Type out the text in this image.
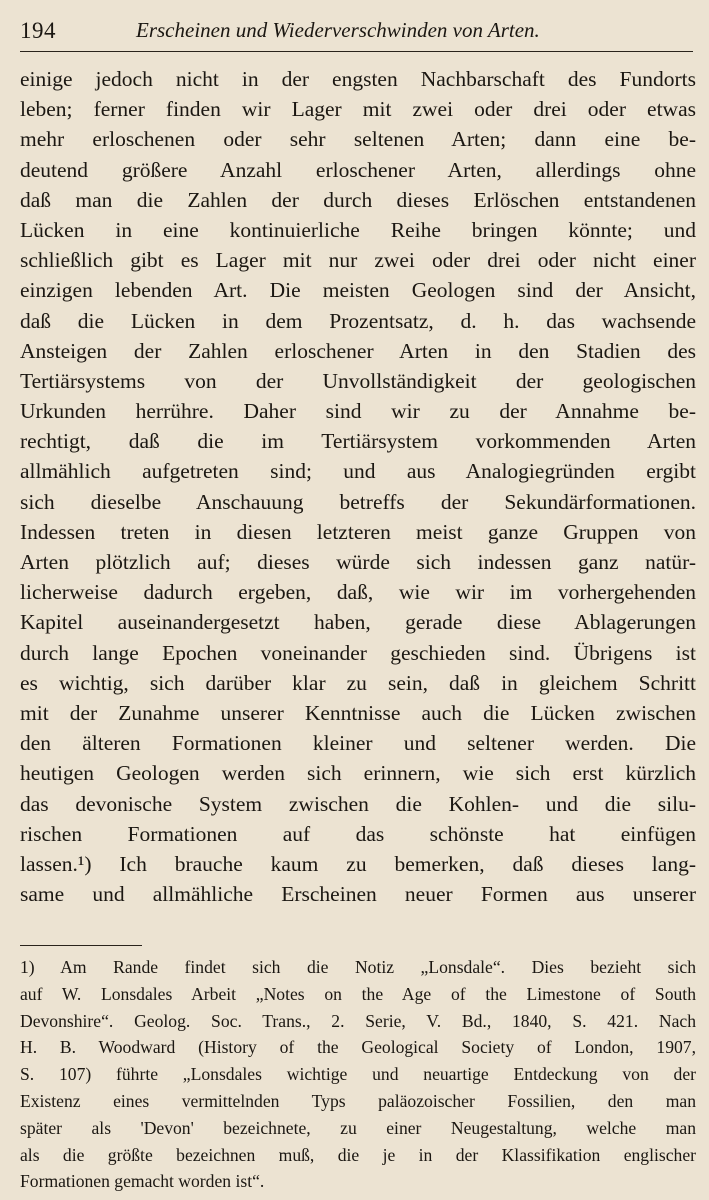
194	Erscheinen und Wiederverschwinden von Arten.
einige jedoch nicht in der engsten Nachbarschaft des Fundorts
leben; ferner finden wir Lager mit zwei oder drei oder etwas
mehr erloschenen oder sehr seltenen Arten; dann eine be-
deutend größere Anzahl erloschener Arten, allerdings ohne
daß man die Zahlen der durch dieses Erlöschen entstandenen
Lücken in eine kontinuierliche Reihe bringen könnte; und
schließlich gibt es Lager mit nur zwei oder drei oder nicht einer
einzigen lebenden Art. Die meisten Geologen sind der Ansicht,
daß die Lücken in dem Prozentsatz, d. h. das wachsende
Ansteigen der Zahlen erloschener Arten in den Stadien des
Tertiärsystems von der Unvollständigkeit der geologischen
Urkunden herrühre. Daher sind wir zu der Annahme be-
rechtigt, daß die im Tertiärsystem vorkommenden Arten
allmählich aufgetreten sind; und aus Analogiegründen ergibt
sich dieselbe Anschauung betreffs der Sekundärformationen.
Indessen treten in diesen letzteren meist ganze Gruppen von
Arten plötzlich auf; dieses würde sich indessen ganz natür-
licherweise dadurch ergeben, daß, wie wir im vorhergehenden
Kapitel auseinandergesetzt haben, gerade diese Ablagerungen
durch lange Epochen voneinander geschieden sind. Übrigens ist
es wichtig, sich darüber klar zu sein, daß in gleichem Schritt
mit der Zunahme unserer Kenntnisse auch die Lücken zwischen
den älteren Formationen kleiner und seltener werden. Die
heutigen Geologen werden sich erinnern, wie sich erst kürzlich
das devonische System zwischen die Kohlen- und die silu-
rischen Formationen auf das schönste hat einfügen
lassen.¹) Ich brauche kaum zu bemerken, daß dieses lang-
same und allmähliche Erscheinen neuer Formen aus unserer
1) Am Rande findet sich die Notiz „Lonsdale“. Dies bezieht sich
auf W. Lonsdales Arbeit „Notes on the Age of the Limestone of South
Devonshire“. Geolog. Soc. Trans., 2. Serie, V. Bd., 1840, S. 421. Nach
H. B. Woodward (History of the Geological Society of London, 1907,
S. 107) führte „Lonsdales wichtige und neuartige Entdeckung von der
Existenz eines vermittelnden Typs paläozoischer Fossilien, den man
später als 'Devon' bezeichnete, zu einer Neugestaltung, welche man
als die größte bezeichnen muß, die je in der Klassifikation englischer
Formationen gemacht worden ist“.
